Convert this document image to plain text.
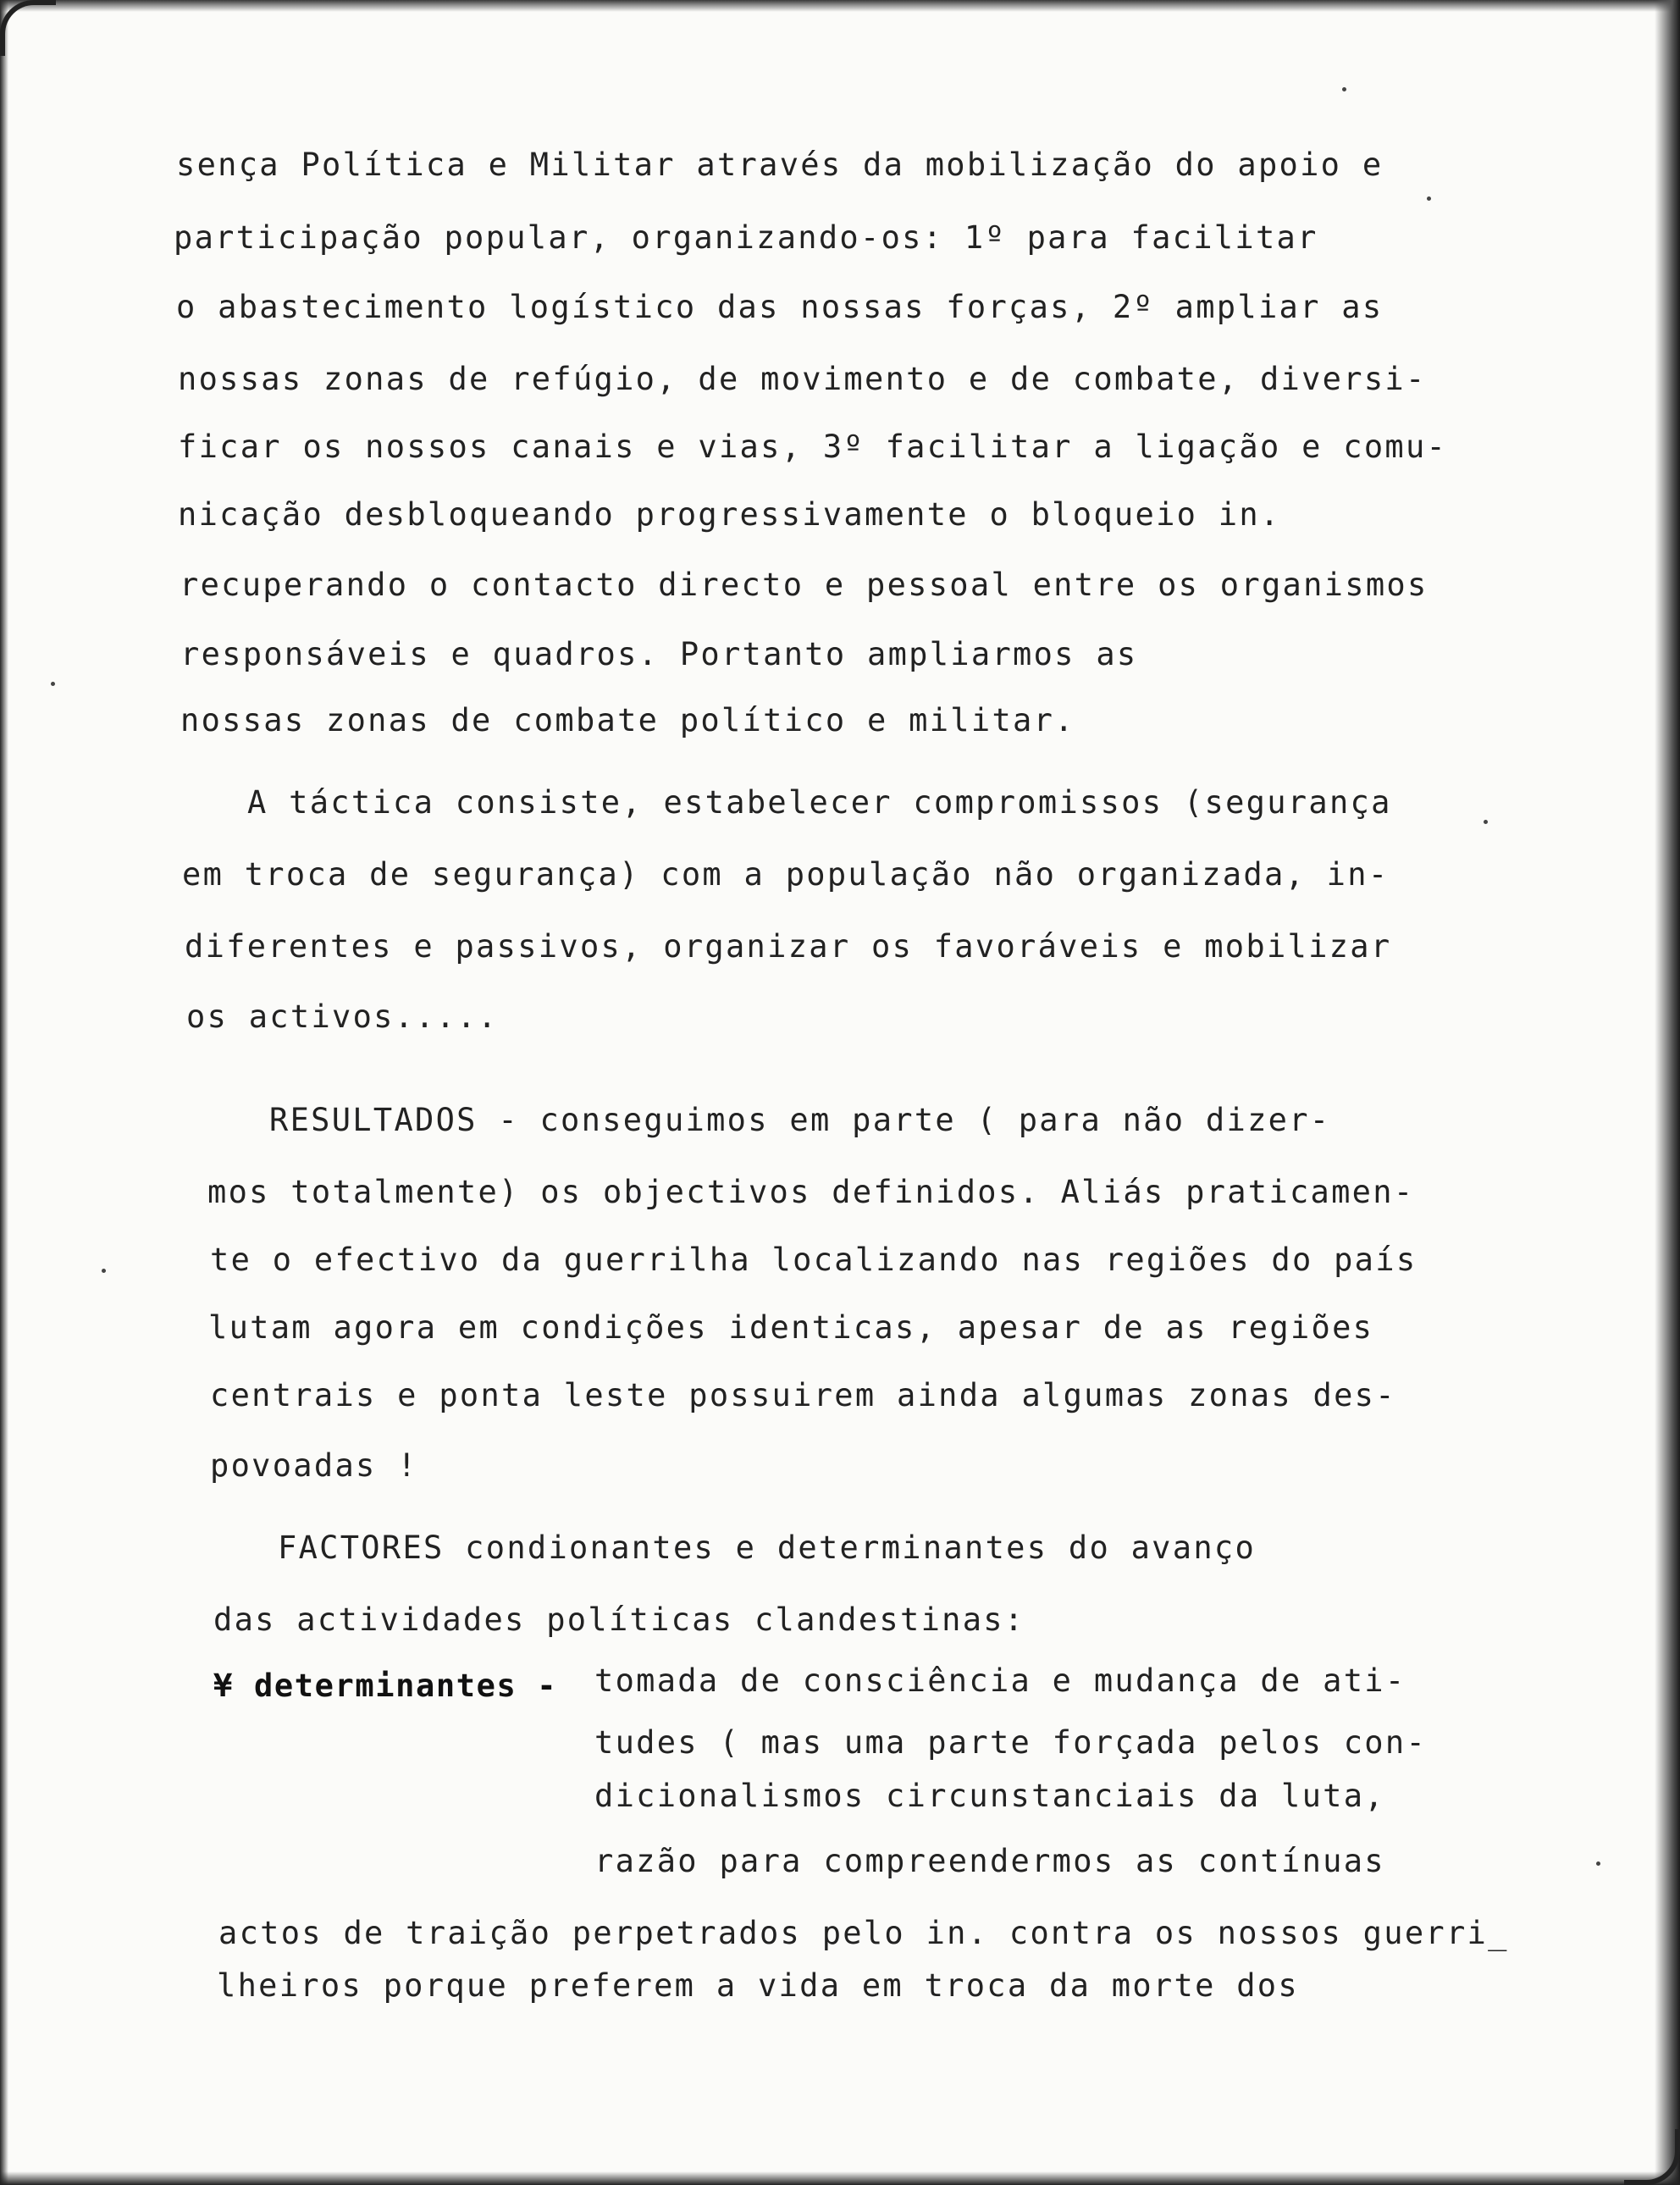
sença Política e Militar através da mobilização do apoio e
participação popular, organizando-os: 1º para facilitar
o abastecimento logístico das nossas forças, 2º ampliar as
nossas zonas de refúgio, de movimento e de combate, diversi-
ficar os nossos canais e vias, 3º facilitar a ligação e comu-
nicação desbloqueando progressivamente o bloqueio in.
recuperando o contacto directo e pessoal entre os organismos
responsáveis e quadros. Portanto ampliarmos as
nossas zonas de combate político e militar.
A táctica consiste, estabelecer compromissos (segurança
em troca de segurança) com a população não organizada, in-
diferentes e passivos, organizar os favoráveis e mobilizar
os activos.....
RESULTADOS - conseguimos em parte ( para não dizer-
mos totalmente) os objectivos definidos. Aliás praticamen-
te o efectivo da guerrilha localizando nas regiões do país
lutam agora em condições identicas, apesar de as regiões
centrais e ponta leste possuirem ainda algumas zonas des-
povoadas !
FACTORES condionantes e determinantes do avanço
das actividades políticas clandestinas:
¥ determinantes - tomada de consciência e mudança de ati-
tudes ( mas uma parte forçada pelos con-
dicionalismos circunstanciais da luta,
razão para compreendermos as contínuas
actos de traição perpetrados pelo in. contra os nossos guerri_
lheiros porque preferem a vida em troca da morte dos
